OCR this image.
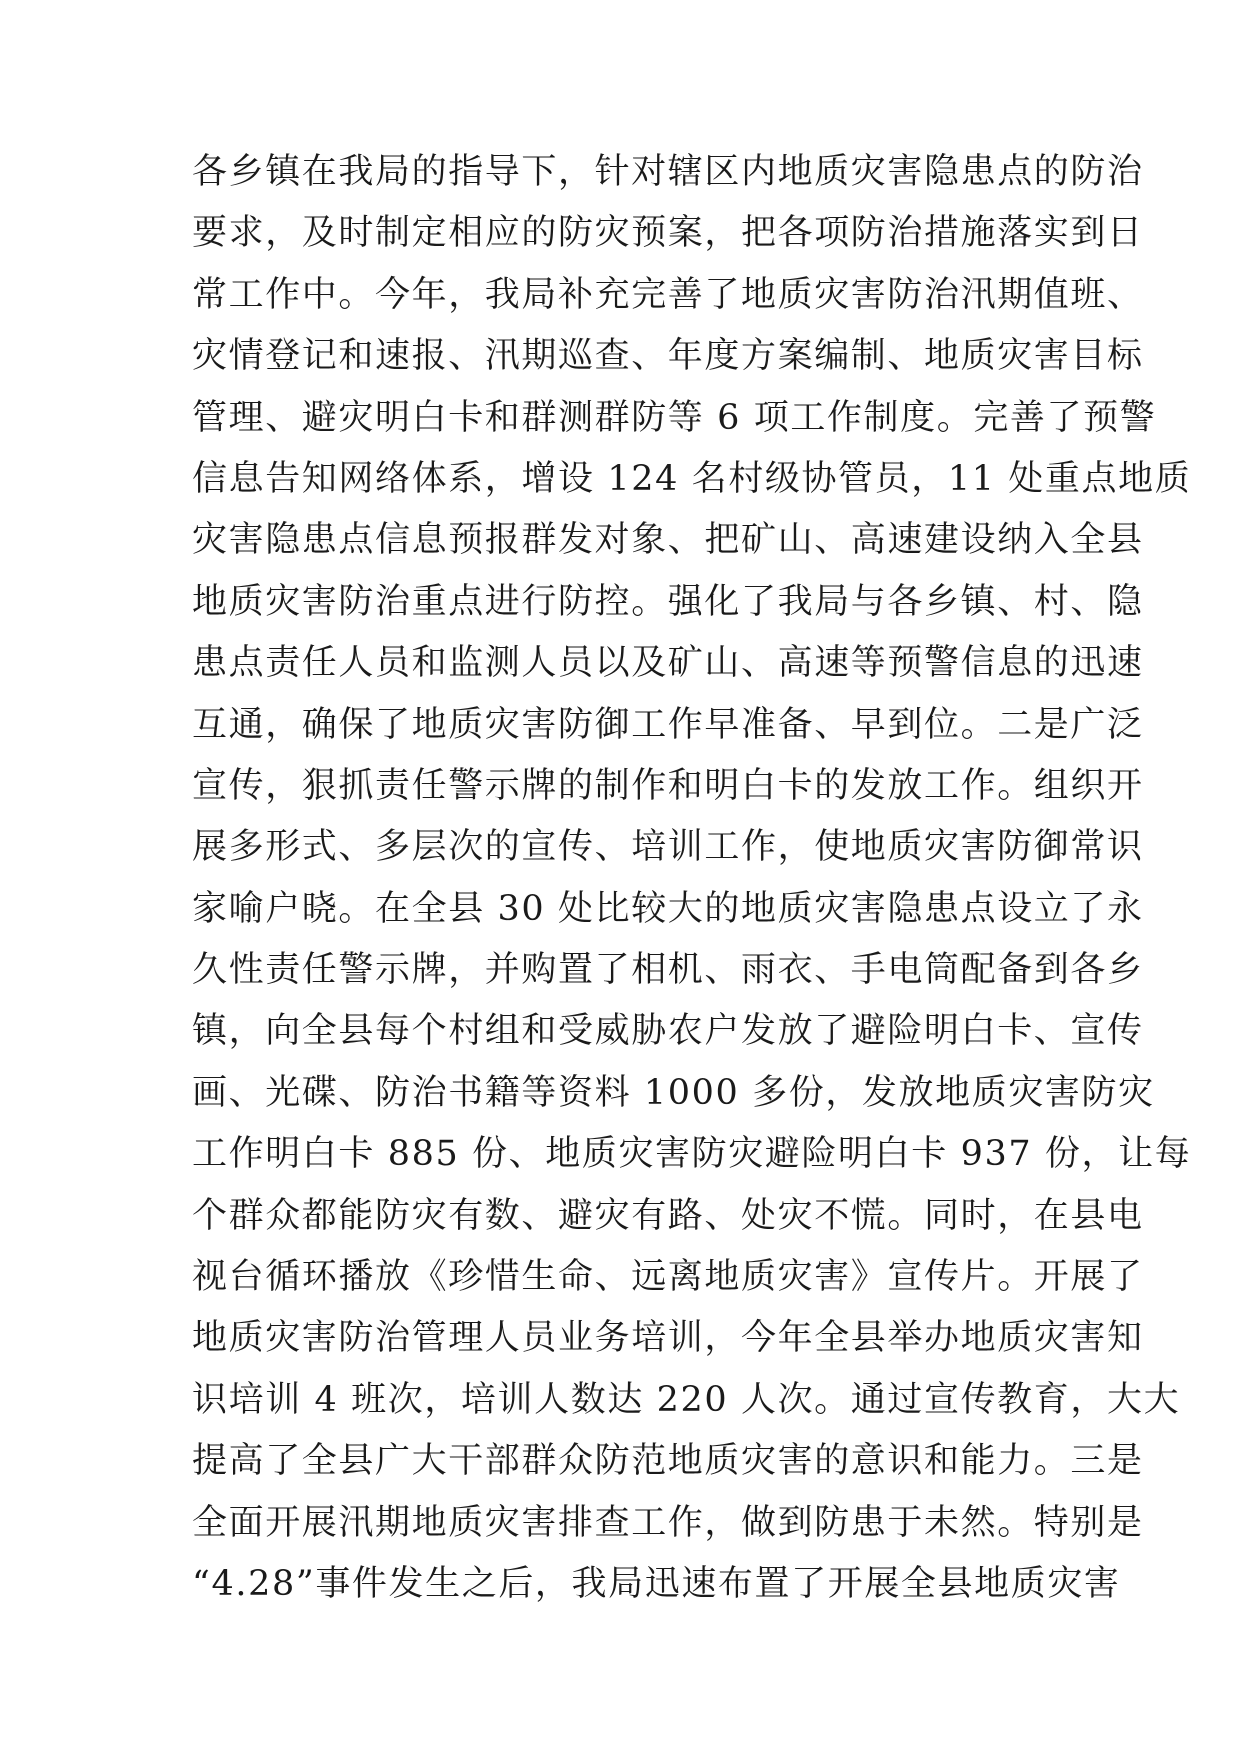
各乡镇在我局的指导下，针对辖区内地质灾害隐患点的防治
要求，及时制定相应的防灾预案，把各项防治措施落实到日
常工作中。今年，我局补充完善了地质灾害防治汛期值班、
灾情登记和速报、汛期巡查、年度方案编制、地质灾害目标
管理、避灾明白卡和群测群防等 6 项工作制度。完善了预警
信息告知网络体系，增设 124 名村级协管员，11 处重点地质
灾害隐患点信息预报群发对象、把矿山、高速建设纳入全县
地质灾害防治重点进行防控。强化了我局与各乡镇、村、隐
患点责任人员和监测人员以及矿山、高速等预警信息的迅速
互通，确保了地质灾害防御工作早准备、早到位。二是广泛
宣传，狠抓责任警示牌的制作和明白卡的发放工作。组织开
展多形式、多层次的宣传、培训工作，使地质灾害防御常识
家喻户晓。在全县 30 处比较大的地质灾害隐患点设立了永
久性责任警示牌，并购置了相机、雨衣、手电筒配备到各乡
镇，向全县每个村组和受威胁农户发放了避险明白卡、宣传
画、光碟、防治书籍等资料 1000 多份，发放地质灾害防灾
工作明白卡 885 份、地质灾害防灾避险明白卡 937 份，让每
个群众都能防灾有数、避灾有路、处灾不慌。同时，在县电
视台循环播放《珍惜生命、远离地质灾害》宣传片。开展了
地质灾害防治管理人员业务培训，今年全县举办地质灾害知
识培训 4 班次，培训人数达 220 人次。通过宣传教育，大大
提高了全县广大干部群众防范地质灾害的意识和能力。三是
全面开展汛期地质灾害排查工作，做到防患于未然。特别是
“4.28”事件发生之后，我局迅速布置了开展全县地质灾害
